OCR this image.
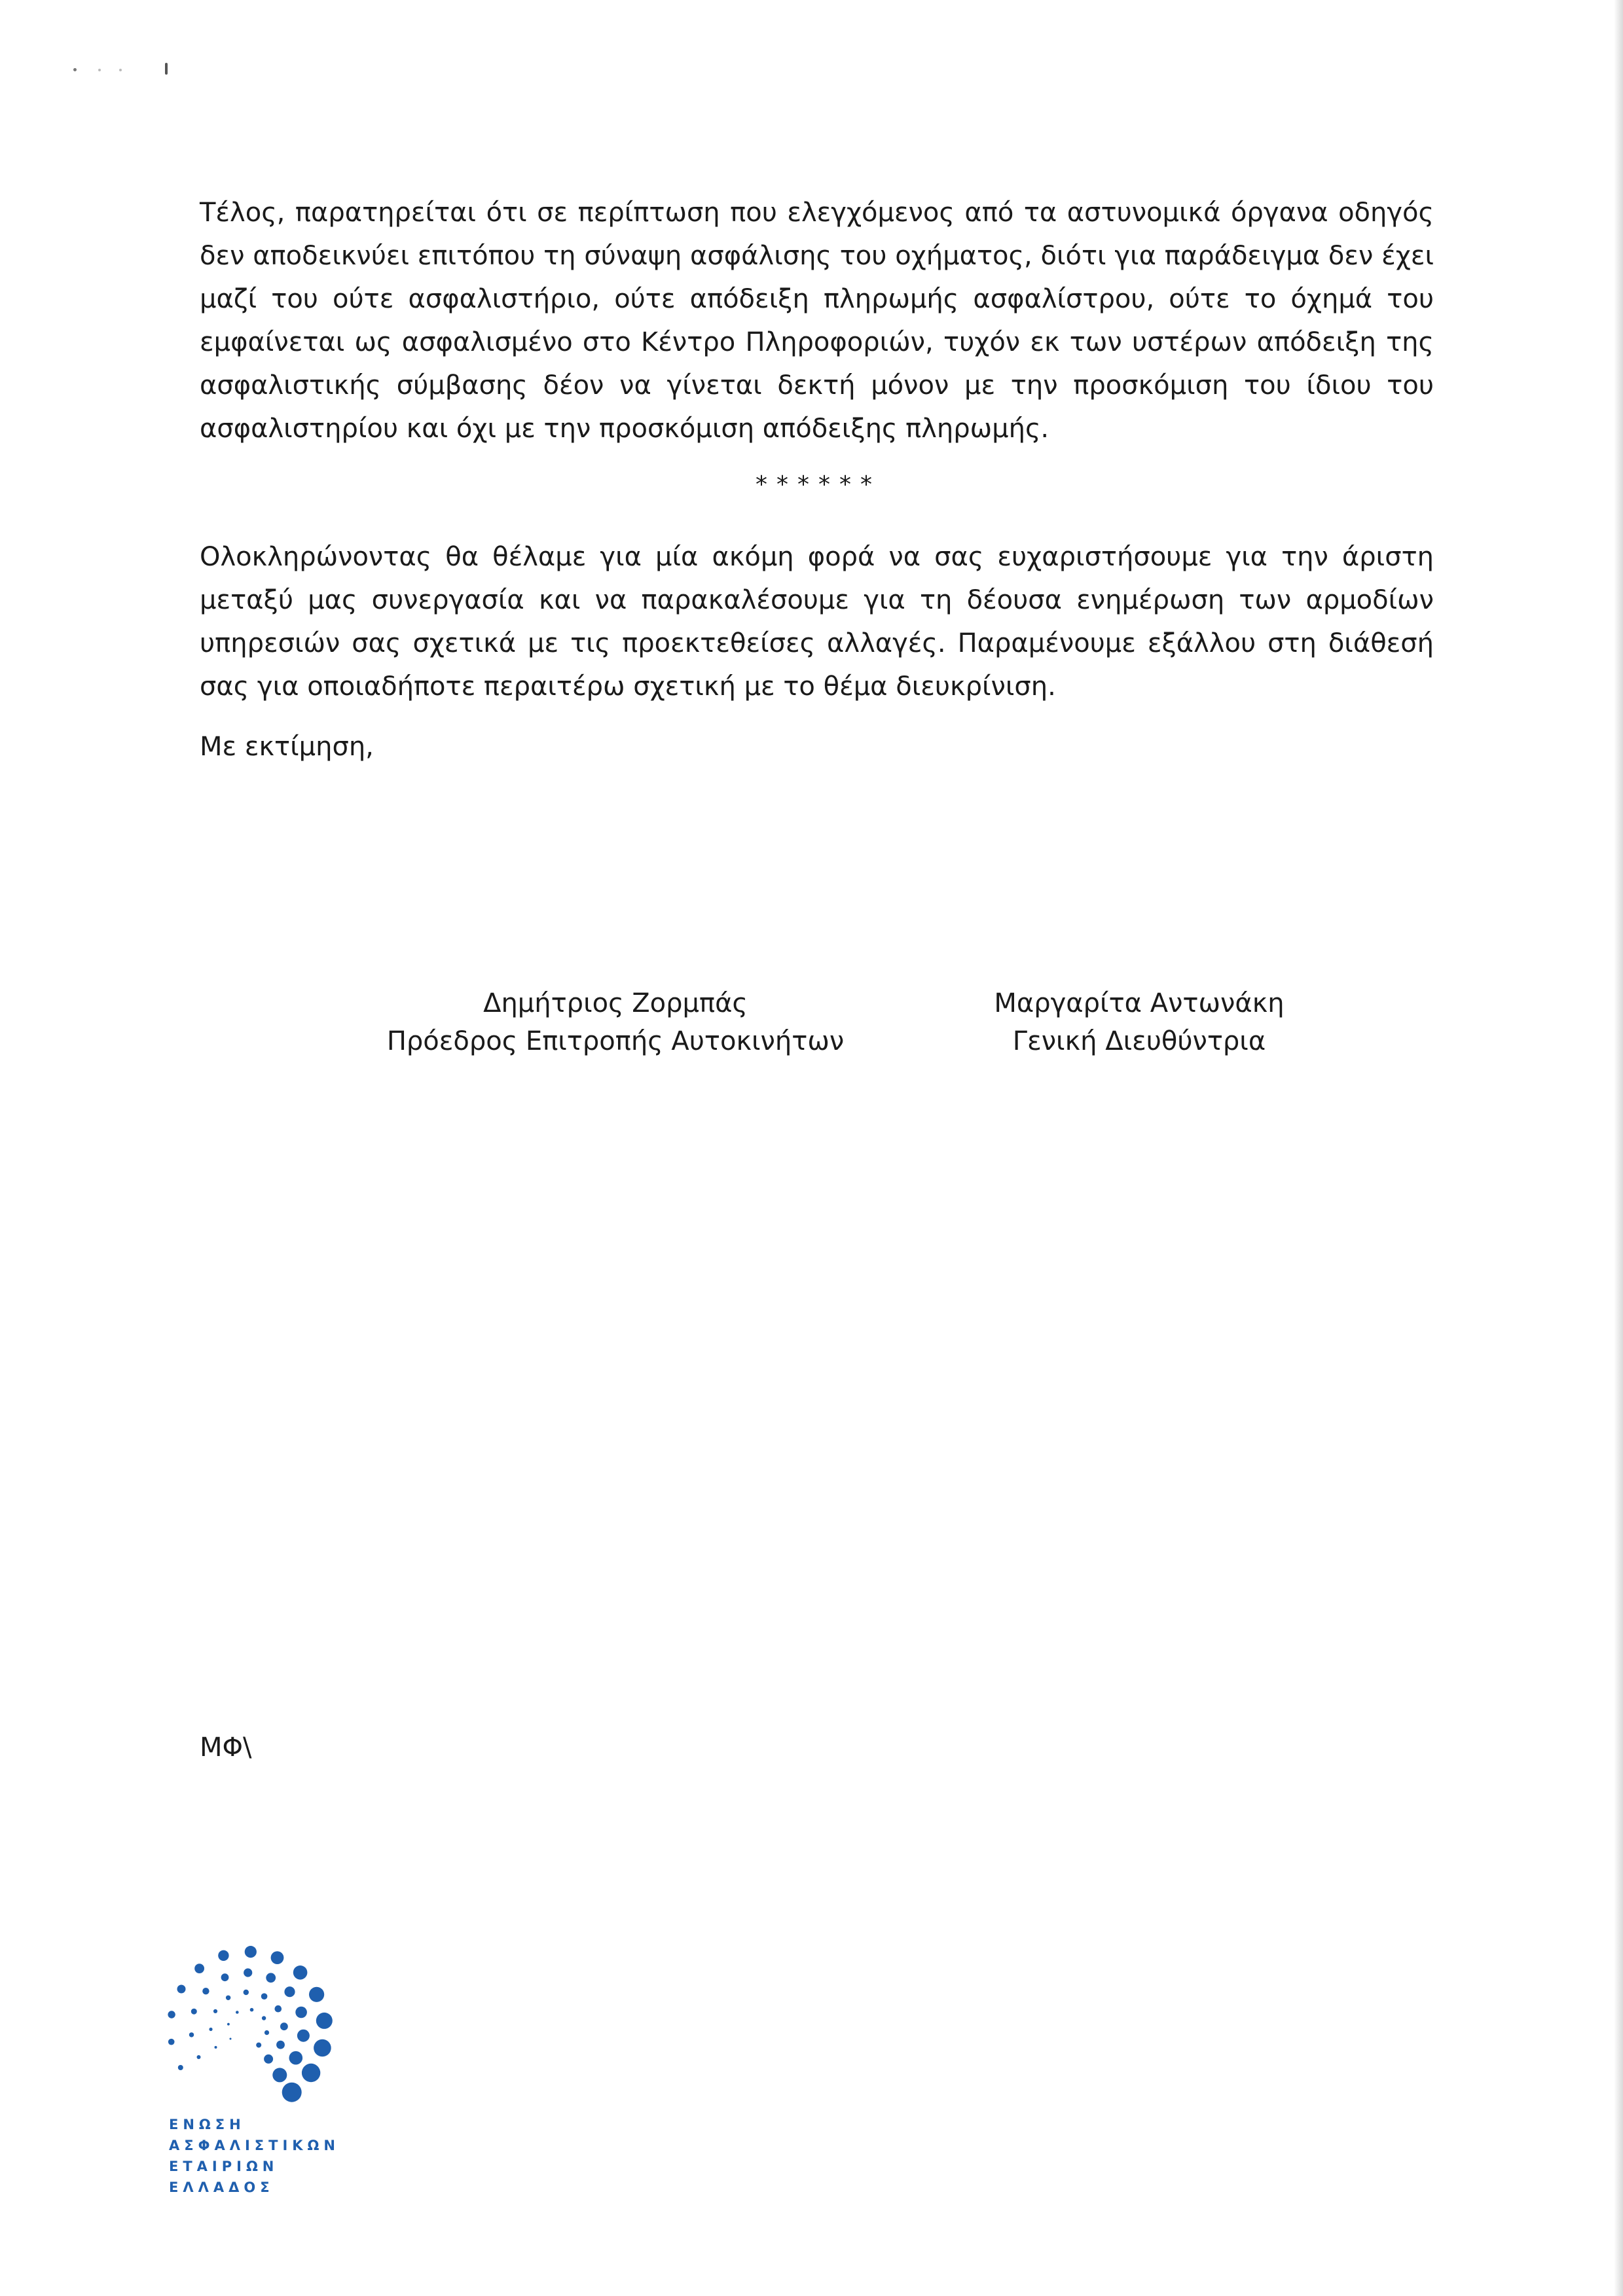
Τέλος, παρατηρείται ότι σε περίπτωση που ελεγχόμενος από τα αστυνομικά όργανα οδηγός δεν αποδεικνύει επιτόπου τη σύναψη ασφάλισης του οχήματος, διότι για παράδειγμα δεν έχει μαζί του ούτε ασφαλιστήριο, ούτε απόδειξη πληρωμής ασφαλίστρου, ούτε το όχημά του εμφαίνεται ως ασφαλισμένο στο Κέντρο Πληροφοριών, τυχόν εκ των υστέρων απόδειξη της ασφαλιστικής σύμβασης δέον να γίνεται δεκτή μόνον με την προσκόμιση του ίδιου του ασφαλιστηρίου και όχι με την προσκόμιση απόδειξης πληρωμής.

******

Ολοκληρώνοντας θα θέλαμε για μία ακόμη φορά να σας ευχαριστήσουμε για την άριστη μεταξύ μας συνεργασία και να παρακαλέσουμε για τη δέουσα ενημέρωση των αρμοδίων υπηρεσιών σας σχετικά με τις προεκτεθείσες αλλαγές. Παραμένουμε εξάλλου στη διάθεσή σας για οποιαδήποτε περαιτέρω σχετική με το θέμα διευκρίνιση.

Με εκτίμηση,

Δημήτριος Ζορμπάς
Πρόεδρος Επιτροπής Αυτοκινήτων
Μαργαρίτα Αντωνάκη
Γενική Διευθύντρια

ΜΦ\

ΕΝΩΣΗ
ΑΣΦΑΛΙΣΤΙΚΩΝ
ΕΤΑΙΡΙΩΝ
ΕΛΛΑΔΟΣ
